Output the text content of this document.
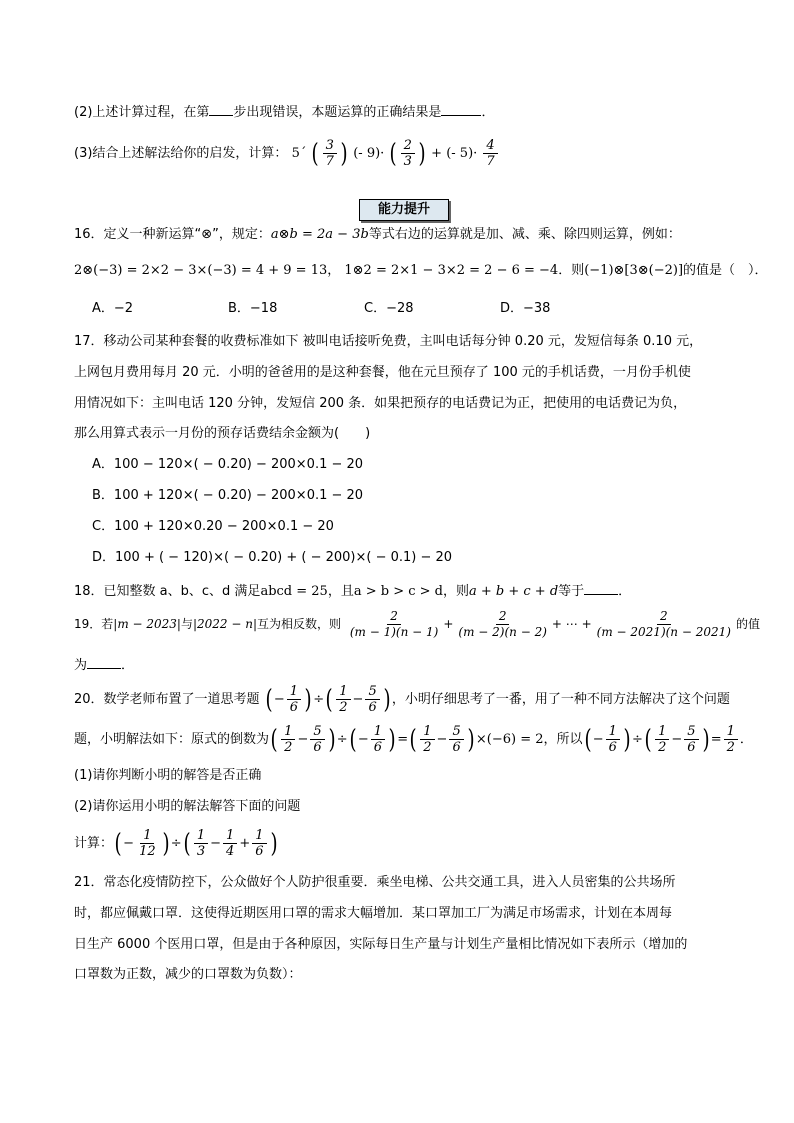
(2)上述计算过程，在第 步出现错误，本题运算的正确结果是	．
(3)结合上述解法给你的启发，计算： 5´ ( $\frac{3}{7}$ ) (- 9)· ( $\frac{2}{3}$ ) + (- $5)\cdot \frac{4}{7}$
能力提升
16．定义一种新运算“⊗”，规定：a⊗b = 2a − 3b等式右边的运算就是加、减、乘、除四则运算，例如：
2⊗(−3) = 2×2 − 3×(−3) = 4 + 9 = 13， 1⊗2 = 2×1 − 3×2 = 2 − 6 = −4．则(−1)⊗[3⊗(−2)]的值是（　）．
A．−2	B．−18	C．−28	D．−38
17．移动公司某种套餐的收费标准如下 被叫电话接听免费，主叫电话每分钟 0.20 元，发短信每条 0.10 元，
上网包月费用每月 20 元．小明的爸爸用的是这种套餐，他在元旦预存了 100 元的手机话费，一月份手机使
用情况如下：主叫电话 120 分钟，发短信 200 条．如果把预存的电话费记为正，把使用的电话费记为负，
那么用算式表示一月份的预存话费结余金额为(　　)
A．100 − 120×( − 0.20) − 200×0.1 − 20
B．100 + 120×( − 0.20) − 200×0.1 − 20
C．100 + 120×0.20 − 200×0.1 − 20
D．100 + ( − 120)×( − 0.20) + ( − 200)×( − 0.1) − 20
18．已知整数 a、b、c、d 满足abcd = 25，且a > b > c > d，则a + b + c + d等于	．
19．若|m − 2023|与|2022 − n|互为相反数，则 $\frac{2}{(m - 1)(n - 1)} + \frac{2}{(m - 2)(n - 2)}$ + ⋯ + $\frac{2}{(m - 2021)(n - 2021)}$ 的值
为	．
20．数学老师布置了一道思考题 ( − $\frac{1}{6}$ ) ÷( $\frac{1}{2} - \frac{5}{6}$ ) ，小明仔细思考了一番，用了一种不同方法解决了这个问题
题，小明解法如下：原式的倒数为( $\frac{1}{2} - \frac{5}{6}$ ) ÷( − $\frac{1}{6}$ ) =( $\frac{1}{2} - \frac{5}{6}$ ) ×(−6) = 2，所以( − $\frac{1}{6}$ ) ÷( $\frac{1}{2} - \frac{5}{6}$ ) = $\frac{1}{2}$ ．
(1)请你判断小明的解答是否正确
(2)请你运用小明的解法解答下面的问题
计算：( − $\frac{1}{12}$ ) ÷( $\frac{1}{3} - \frac{1}{4} + \frac{1}{6}$ )
21．常态化疫情防控下，公众做好个人防护很重要．乘坐电梯、公共交通工具，进入人员密集的公共场所
时，都应佩戴口罩．这使得近期医用口罩的需求大幅增加．某口罩加工厂为满足市场需求，计划在本周每
日生产 6000 个医用口罩，但是由于各种原因，实际每日生产量与计划生产量相比情况如下表所示（增加的
口罩数为正数，减少的口罩数为负数）：
